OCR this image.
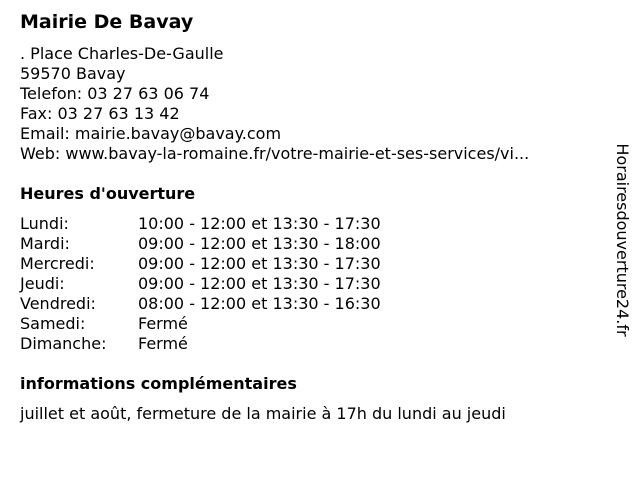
Mairie De Bavay
. Place Charles-De-Gaulle
59570 Bavay
Telefon: 03 27 63 06 74
Fax: 03 27 63 13 42
Email: mairie.bavay@bavay.com
Web: www.bavay-la-romaine.fr/votre-mairie-et-ses-services/vi...
Heures d'ouverture
Lundi:	10:00 - 12:00 et 13:30 - 17:30
Mardi:	09:00 - 12:00 et 13:30 - 18:00
Mercredi:	09:00 - 12:00 et 13:30 - 17:30
Jeudi:	09:00 - 12:00 et 13:30 - 17:30
Vendredi:	08:00 - 12:00 et 13:30 - 16:30
Samedi:	Fermé
Dimanche: Fermé
informations complémentaires
juillet et août, fermeture de la mairie à 17h du lundi au jeudi
Horairesdouverture24.fr
